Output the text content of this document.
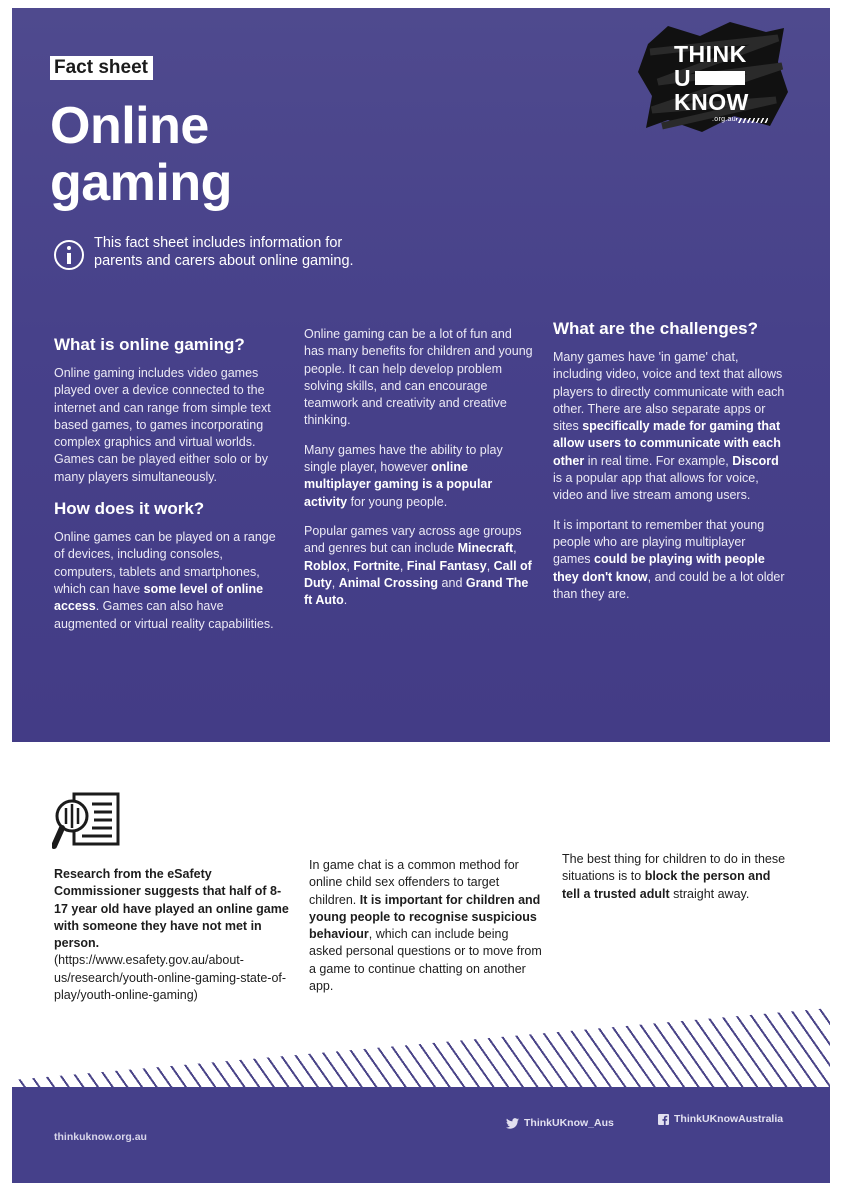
Fact sheet
Online
gaming
This fact sheet includes information for parents and carers about online gaming.
THINK
U
KNOW
.org.au
What is online gaming?

Online gaming includes video games played over a device connected to the internet and can range from simple text based games, to games incorporating complex graphics and virtual worlds. Games can be played either solo or by many players simultaneously.

How does it work?

Online games can be played on a range of devices, including consoles, computers, tablets and smartphones, which can have some level of online access. Games can also have augmented or virtual reality capabilities.

Online gaming can be a lot of fun and has many benefits for children and young people. It can help develop problem solving skills, and can encourage teamwork and creativity and creative thinking.

Many games have the ability to play single player, however online multiplayer gaming is a popular activity for young people.

Popular games vary across age groups and genres but can include Minecraft, Roblox, Fortnite, Final Fantasy, Call of Duty, Animal Crossing and Grand The ft Auto.

What are the challenges?

Many games have 'in game' chat, including video, voice and text that allows players to directly communicate with each other. There are also separate apps or sites specifically made for gaming that allow users to communicate with each other in real time. For example, Discord is a popular app that allows for voice, video and live stream among users.

It is important to remember that young people who are playing multiplayer games could be playing with people they don't know, and could be a lot older than they are.

Research from the eSafety Commissioner suggests that half of 8-17 year old have played an online game with someone they have not met in person.
(https://www.esafety.gov.au/about-us/research/youth-online-gaming-state-of-play/youth-online-gaming)
In game chat is a common method for online child sex offenders to target children. It is important for children and young people to recognise suspicious behaviour, which can include being asked personal questions or to move from a game to continue chatting on another app.
The best thing for children to do in these situations is to block the person and tell a trusted adult straight away.
thinkuknow.org.au
ThinkUKnow_Aus	ThinkUKnowAustralia
